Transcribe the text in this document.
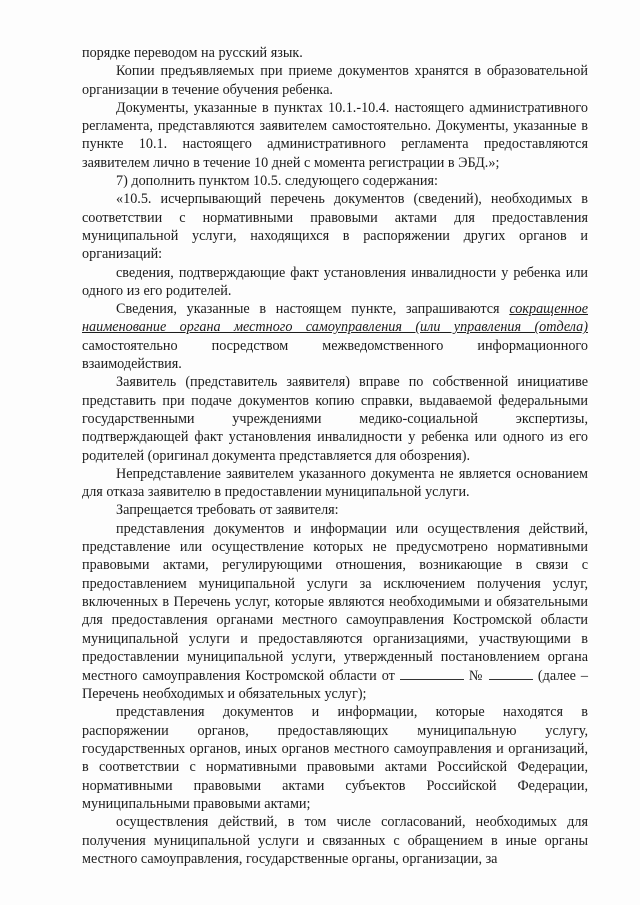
порядке переводом на русский язык.

Копии предъявляемых при приеме документов хранятся в образовательной организации в течение обучения ребенка.

Документы, указанные в пунктах 10.1.-10.4. настоящего административного регламента, представляются заявителем самостоятельно. Документы, указанные в пункте 10.1. настоящего административного регламента предоставляются заявителем лично в течение 10 дней с момента регистрации в ЭБД.»;

7) дополнить пунктом 10.5. следующего содержания:

«10.5. исчерпывающий перечень документов (сведений), необходимых в соответствии с нормативными правовыми актами для предоставления муниципальной услуги, находящихся в распоряжении других органов и организаций:

сведения, подтверждающие факт установления инвалидности у ребенка или одного из его родителей.

Сведения, указанные в настоящем пункте, запрашиваются сокращенное наименование органа местного самоуправления (или управления (отдела) самостоятельно посредством межведомственного информационного взаимодействия.

Заявитель (представитель заявителя) вправе по собственной инициативе представить при подаче документов копию справки, выдаваемой федеральными государственными учреждениями медико-социальной экспертизы, подтверждающей факт установления инвалидности у ребенка или одного из его родителей (оригинал документа представляется для обозрения).

Непредставление заявителем указанного документа не является основанием для отказа заявителю в предоставлении муниципальной услуги.

Запрещается требовать от заявителя:

представления документов и информации или осуществления действий, представление или осуществление которых не предусмотрено нормативными правовыми актами, регулирующими отношения, возникающие в связи с предоставлением муниципальной услуги за исключением получения услуг, включенных в Перечень услуг, которые являются необходимыми и обязательными для предоставления органами местного самоуправления Костромской области муниципальной услуги и предоставляются организациями, участвующими в предоставлении муниципальной услуги, утвержденный постановлением органа местного самоуправления Костромской области от	№	(далее – Перечень необходимых и обязательных услуг);

представления документов и информации, которые находятся в распоряжении органов, предоставляющих муниципальную услугу, государственных органов, иных органов местного самоуправления и организаций, в соответствии с нормативными правовыми актами Российской Федерации, нормативными правовыми актами субъектов Российской Федерации, муниципальными правовыми актами;

осуществления действий, в том числе согласований, необходимых для получения муниципальной услуги и связанных с обращением в иные органы местного самоуправления, государственные органы, организации, за
